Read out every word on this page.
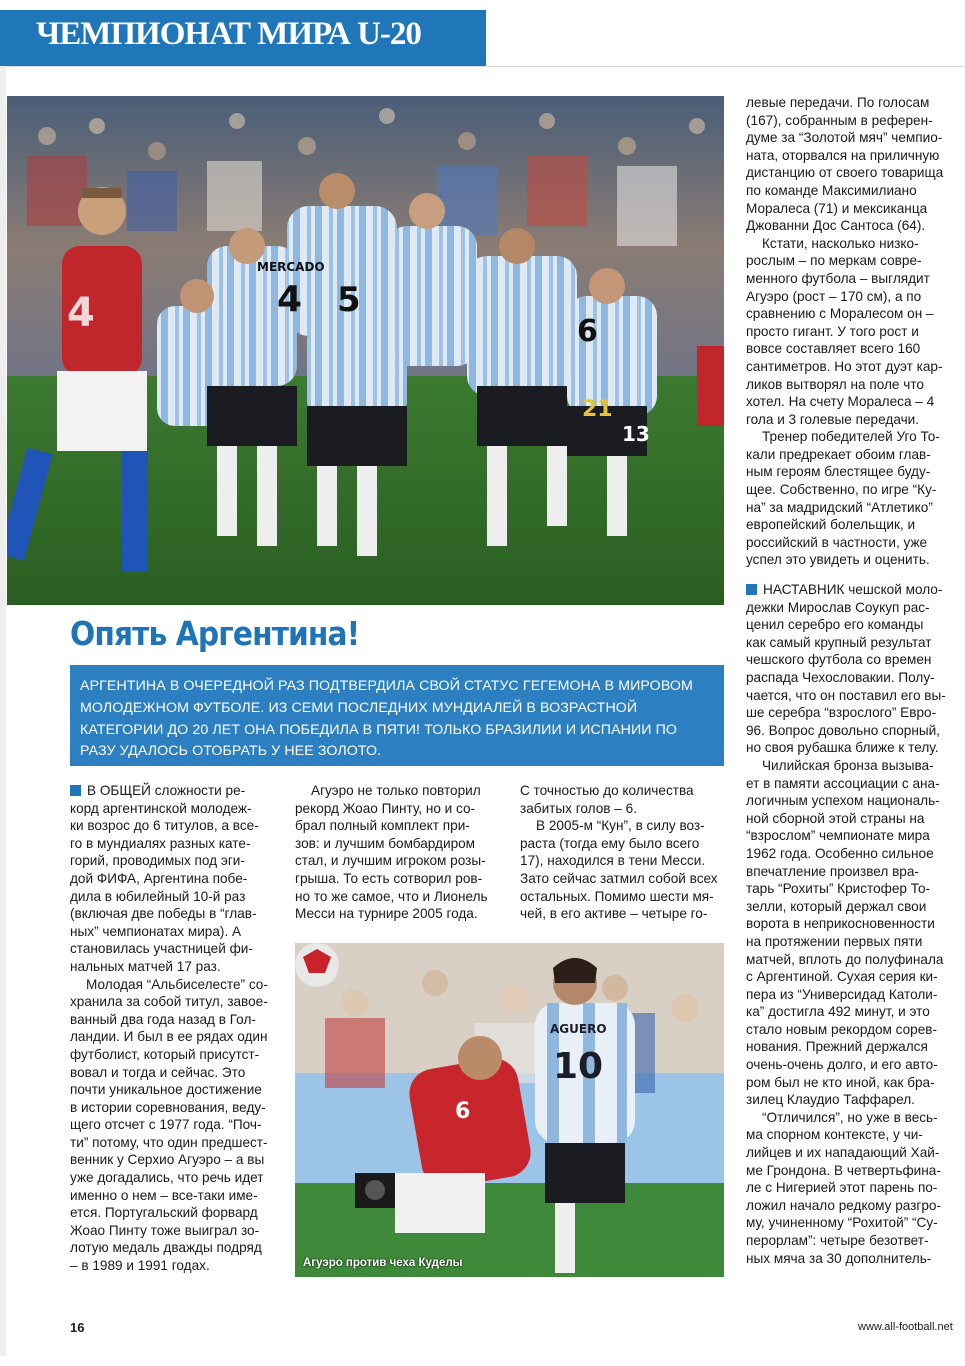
ЧЕМПИОНАТ МИРА U-20
4	4 5
6
21
13
MERCADO
Опять Аргентина!
АРГЕНТИНА В ОЧЕРЕДНОЙ РАЗ ПОДТВЕРДИЛА СВОЙ СТАТУС ГЕГЕМОНА В МИРОВОМ МОЛОДЕЖНОМ ФУТБОЛЕ. ИЗ СЕМИ ПОСЛЕДНИХ МУНДИАЛЕЙ В ВОЗРАСТНОЙ КАТЕГОРИИ ДО 20 ЛЕТ ОНА ПОБЕДИЛА В ПЯТИ! ТОЛЬКО БРАЗИЛИИ И ИСПАНИИ ПО РАЗУ УДАЛОСЬ ОТОБРАТЬ У НЕЕ ЗОЛОТО.
В ОБЩЕЙ сложности ре-
корд аргентинской молодеж-
ки возрос до 6 титулов, а все-
го в мундиалях разных кате-
горий, проводимых под эги-
дой ФИФА, Аргентина побе-
дила в юбилейный 10-й раз
(включая две победы в “глав-
ных” чемпионатах мира). А
становилась участницей фи-
нальных матчей 17 раз.
Молодая “Альбиселесте” со-
хранила за собой титул, завое-
ванный два года назад в Гол-
ландии. И был в ее рядах один
футболист, который присутст-
вовал и тогда и сейчас. Это
почти уникальное достижение
в истории соревнования, веду-
щего отсчет с 1977 года. “Поч-
ти” потому, что один предшест-
венник у Серхио Агуэро – а вы
уже догадались, что речь идет
именно о нем – все-таки име-
ется. Португальский форвард
Жоао Пинту тоже выиграл зо-
лотую медаль дважды подряд
– в 1989 и 1991 годах.
Агуэро не только повторил
рекорд Жоао Пинту, но и со-
брал полный комплект при-
зов: и лучшим бомбардиром
стал, и лучшим игроком розы-
грыша. То есть сотворил ров-
но то же самое, что и Лионель
Месси на турнире 2005 года.
С точностью до количества
забитых голов – 6.
В 2005-м “Кун”, в силу воз-
раста (тогда ему было всего
17), находился в тени Месси.
Зато сейчас затмил собой всех
остальных. Помимо шести мя-
чей, в его активе – четыре го-
левые передачи. По голосам
(167), собранным в референ-
думе за “Золотой мяч” чемпио-
ната, оторвался на приличную
дистанцию от своего товарища
по команде Максимилиано
Моралеса (71) и мексиканца
Джованни Дос Сантоса (64).
Кстати, насколько низко-
рослым – по меркам совре-
менного футбола – выглядит
Агуэро (рост – 170 см), а по
сравнению с Моралесом он –
просто гигант. У того рост и
вовсе составляет всего 160
сантиметров. Но этот дуэт кар-
ликов вытворял на поле что
хотел. На счету Моралеса – 4
гола и 3 голевые передачи.
Тренер победителей Уго То-
кали предрекает обоим глав-
ным героям блестящее буду-
щее. Собственно, по игре “Ку-
на” за мадридский “Атлетико”
европейский болельщик, и
российский в частности, уже
успел это увидеть и оценить.
НАСТАВНИК чешской моло-
дежки Мирослав Соукуп рас-
ценил серебро его команды
как самый крупный результат
чешского футбола со времен
распада Чехословакии. Полу-
чается, что он поставил его вы-
ше серебра “взрослого” Евро-
96. Вопрос довольно спорный,
но своя рубашка ближе к телу.
Чилийская бронза вызыва-
ет в памяти ассоциации с ана-
логичным успехом националь-
ной сборной этой страны на
“взрослом” чемпионате мира
1962 года. Особенно сильное
впечатление произвел вра-
тарь “Рохиты” Кристофер То-
зелли, который держал свои
ворота в неприкосновенности
на протяжении первых пяти
матчей, вплоть до полуфинала
с Аргентиной. Сухая серия ки-
пера из “Универсидад Католи-
ка” достигла 492 минут, и это
стало новым рекордом сорев-
нования. Прежний держался
очень-очень долго, и его авто-
ром был не кто иной, как бра-
зилец Клаудио Таффарел.
“Отличился”, но уже в весь-
ма спорном контексте, у чи-
лийцев и их нападающий Хай-
ме Грондона. В четвертьфина-
ле с Нигерией этот парень по-
ложил начало редкому разгро-
му, учиненному “Рохитой” “Су-
перорлам”: четыре безответ-
ных мяча за 30 дополнитель-
10
AGUERO
6
Агуэро против чеха Куделы
16	www.all-football.net
